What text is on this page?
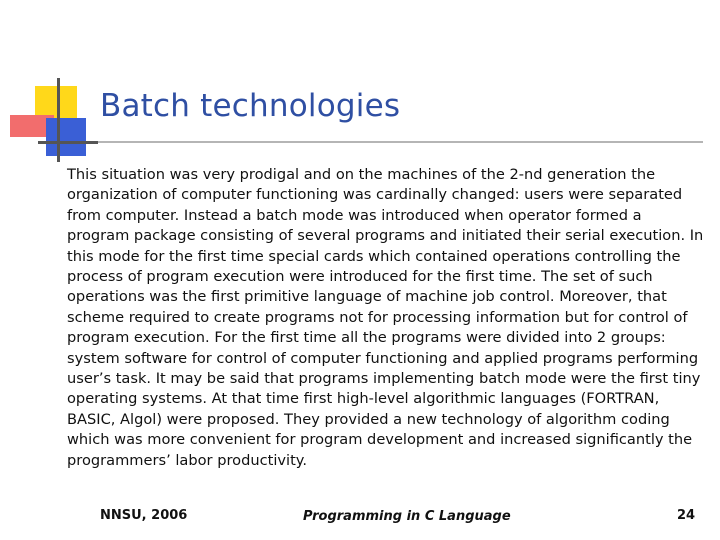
Batch technologies

This situation was very prodigal and on the machines of the 2-nd generation the organization of computer functioning was cardinally changed: users were separated from computer. Instead a batch mode was introduced when operator formed a program package consisting of several programs and initiated their serial execution. In this mode for the first time special cards which contained operations controlling the process of program execution were introduced for the first time. The set of such operations was the first primitive language of machine job control. Moreover, that scheme required to create programs not for processing information but for control of program execution. For the first time all the programs were divided into 2 groups: system software for control of computer functioning and applied programs performing user’s task. It may be said that programs implementing batch mode were the first tiny operating systems. At that time first high-level algorithmic languages (FORTRAN, BASIC, Algol) were proposed. They provided a new technology of algorithm coding which was more convenient for program development and increased significantly the programmers’ labor productivity.

NNSU, 2006	Programming in C Language	24
